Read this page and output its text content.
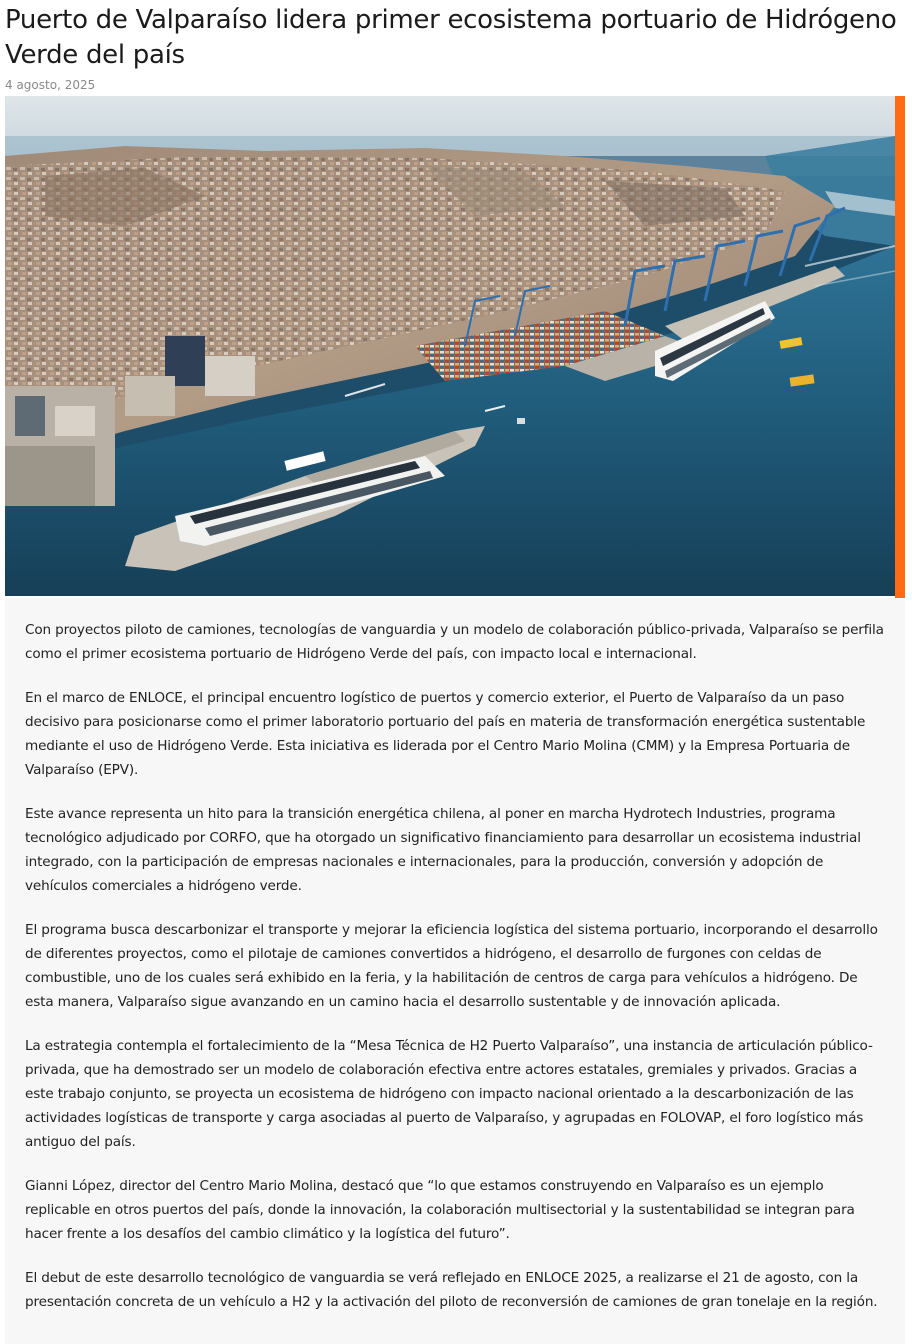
Puerto de Valparaíso lidera primer ecosistema portuario de Hidrógeno Verde del país
4 agosto, 2025

Con proyectos piloto de camiones, tecnologías de vanguardia y un modelo de colaboración público-privada, Valparaíso se perfila como el primer ecosistema portuario de Hidrógeno Verde del país, con impacto local e internacional.

En el marco de ENLOCE, el principal encuentro logístico de puertos y comercio exterior, el Puerto de Valparaíso da un paso decisivo para posicionarse como el primer laboratorio portuario del país en materia de transformación energética sustentable mediante el uso de Hidrógeno Verde. Esta iniciativa es liderada por el Centro Mario Molina (CMM) y la Empresa Portuaria de Valparaíso (EPV).

Este avance representa un hito para la transición energética chilena, al poner en marcha Hydrotech Industries, programa tecnológico adjudicado por CORFO, que ha otorgado un significativo financiamiento para desarrollar un ecosistema industrial integrado, con la participación de empresas nacionales e internacionales, para la producción, conversión y adopción de vehículos comerciales a hidrógeno verde.

El programa busca descarbonizar el transporte y mejorar la eficiencia logística del sistema portuario, incorporando el desarrollo de diferentes proyectos, como el pilotaje de camiones convertidos a hidrógeno, el desarrollo de furgones con celdas de combustible, uno de los cuales será exhibido en la feria, y la habilitación de centros de carga para vehículos a hidrógeno. De esta manera, Valparaíso sigue avanzando en un camino hacia el desarrollo sustentable y de innovación aplicada.

La estrategia contempla el fortalecimiento de la “Mesa Técnica de H2 Puerto Valparaíso”, una instancia de articulación público-privada, que ha demostrado ser un modelo de colaboración efectiva entre actores estatales, gremiales y privados. Gracias a este trabajo conjunto, se proyecta un ecosistema de hidrógeno con impacto nacional orientado a la descarbonización de las actividades logísticas de transporte y carga asociadas al puerto de Valparaíso, y agrupadas en FOLOVAP, el foro logístico más antiguo del país.

Gianni López, director del Centro Mario Molina, destacó que “lo que estamos construyendo en Valparaíso es un ejemplo replicable en otros puertos del país, donde la innovación, la colaboración multisectorial y la sustentabilidad se integran para hacer frente a los desafíos del cambio climático y la logística del futuro”.

El debut de este desarrollo tecnológico de vanguardia se verá reflejado en ENLOCE 2025, a realizarse el 21 de agosto, con la presentación concreta de un vehículo a H2 y la activación del piloto de reconversión de camiones de gran tonelaje en la región.
